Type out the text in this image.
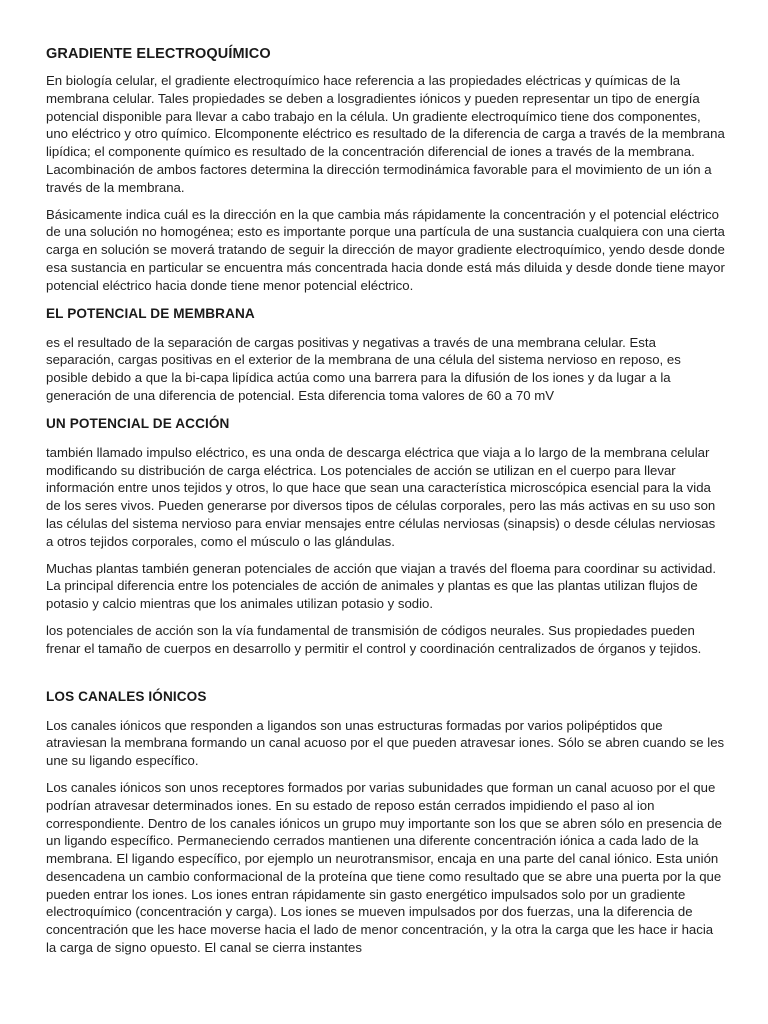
GRADIENTE ELECTROQUÍMICO

En biología celular, el gradiente electroquímico hace referencia a las propiedades eléctricas y químicas de la membrana celular. Tales propiedades se deben a losgradientes iónicos y pueden representar un tipo de energía potencial disponible para llevar a cabo trabajo en la célula. Un gradiente electroquímico tiene dos componentes, uno eléctrico y otro químico. Elcomponente eléctrico es resultado de la diferencia de carga a través de la membrana lipídica; el componente químico es resultado de la concentración diferencial de iones a través de la membrana. Lacombinación de ambos factores determina la dirección termodinámica favorable para el movimiento de un ión a través de la membrana.

Básicamente indica cuál es la dirección en la que cambia más rápidamente la concentración y el potencial eléctrico de una solución no homogénea; esto es importante porque una partícula de una sustancia cualquiera con una cierta carga en solución se moverá tratando de seguir la dirección de mayor gradiente electroquímico, yendo desde donde esa sustancia en particular se encuentra más concentrada hacia donde está más diluida y desde donde tiene mayor potencial eléctrico hacia donde tiene menor potencial eléctrico.

EL POTENCIAL DE MEMBRANA

es el resultado de la separación de cargas positivas y negativas a través de una membrana celular. Esta separación, cargas positivas en el exterior de la membrana de una célula del sistema nervioso en reposo, es posible debido a que la bi-capa lipídica actúa como una barrera para la difusión de los iones y da lugar a la generación de una diferencia de potencial. Esta diferencia toma valores de 60 a 70 mV

UN POTENCIAL DE ACCIÓN

también llamado impulso eléctrico, es una onda de descarga eléctrica que viaja a lo largo de la membrana celular modificando su distribución de carga eléctrica. Los potenciales de acción se utilizan en el cuerpo para llevar información entre unos tejidos y otros, lo que hace que sean una característica microscópica esencial para la vida de los seres vivos. Pueden generarse por diversos tipos de células corporales, pero las más activas en su uso son las células del sistema nervioso para enviar mensajes entre células nerviosas (sinapsis) o desde células nerviosas a otros tejidos corporales, como el músculo o las glándulas.

Muchas plantas también generan potenciales de acción que viajan a través del floema para coordinar su actividad. La principal diferencia entre los potenciales de acción de animales y plantas es que las plantas utilizan flujos de potasio y calcio mientras que los animales utilizan potasio y sodio.

los potenciales de acción son la vía fundamental de transmisión de códigos neurales. Sus propiedades pueden frenar el tamaño de cuerpos en desarrollo y permitir el control y coordinación centralizados de órganos y tejidos.

LOS CANALES IÓNICOS

Los canales iónicos que responden a ligandos son unas estructuras formadas por varios polipéptidos que atraviesan la membrana formando un canal acuoso por el que pueden atravesar iones. Sólo se abren cuando se les une su ligando específico.

Los canales iónicos son unos receptores formados por varias subunidades que forman un canal acuoso por el que podrían atravesar determinados iones. En su estado de reposo están cerrados impidiendo el paso al ion correspondiente. Dentro de los canales iónicos un grupo muy importante son los que se abren sólo en presencia de un ligando específico. Permaneciendo cerrados mantienen una diferente concentración iónica a cada lado de la membrana. El ligando específico, por ejemplo un neurotransmisor, encaja en una parte del canal iónico. Esta unión desencadena un cambio conformacional de la proteína que tiene como resultado que se abre una puerta por la que pueden entrar los iones. Los iones entran rápidamente sin gasto energético impulsados solo por un gradiente electroquímico (concentración y carga). Los iones se mueven impulsados por dos fuerzas, una la diferencia de concentración que les hace moverse hacia el lado de menor concentración, y la otra la carga que les hace ir hacia la carga de signo opuesto. El canal se cierra instantes
